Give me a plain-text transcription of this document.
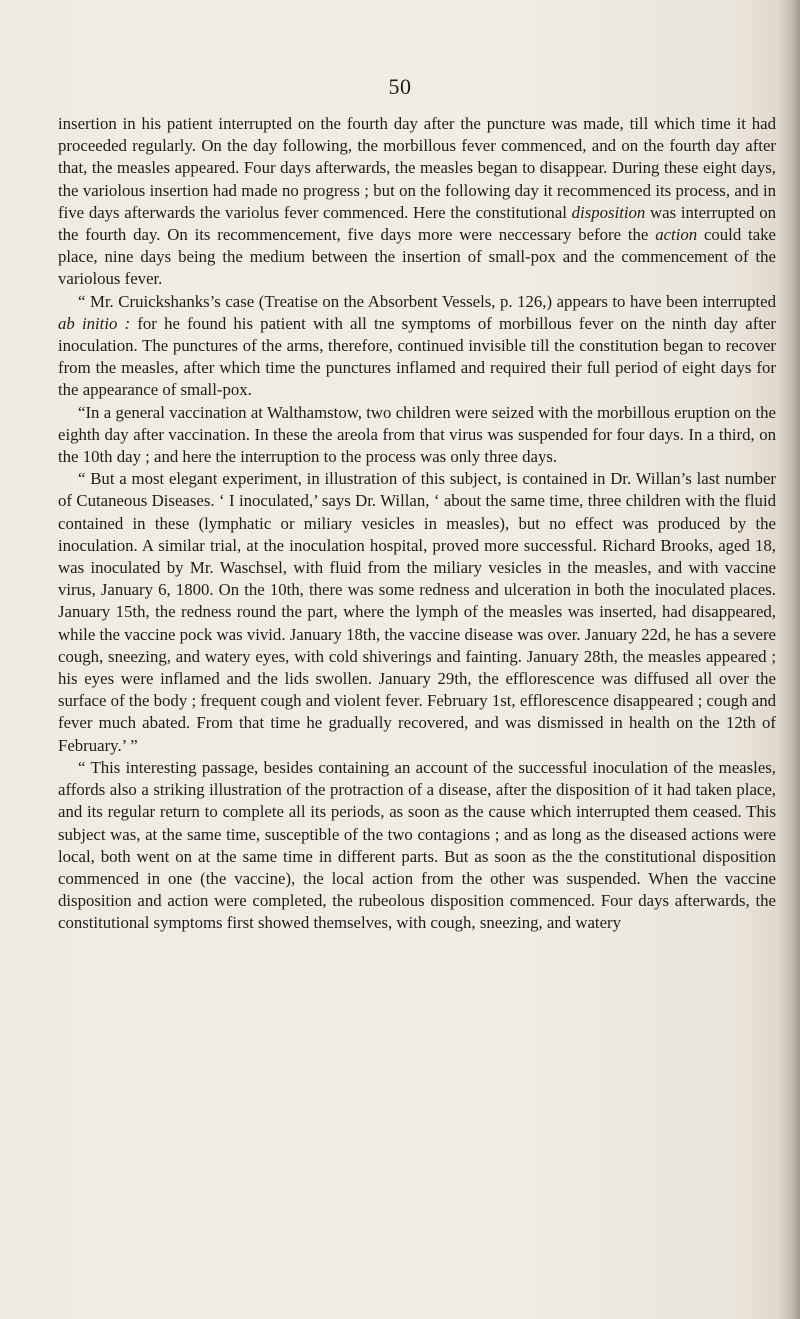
50

insertion in his patient interrupted on the fourth day after the puncture was made, till which time it had proceeded regularly. On the day following, the morbillous fever commenced, and on the fourth day after that, the measles appeared. Four days afterwards, the measles began to disappear. During these eight days, the variolous insertion had made no progress ; but on the following day it recommenced its process, and in five days afterwards the variolus fever commenced. Here the constitutional disposition was interrupted on the fourth day. On its recommencement, five days more were neccessary before the action could take place, nine days being the medium between the insertion of small-pox and the commencement of the variolous fever.

“ Mr. Cruickshanks’s case (Treatise on the Absorbent Vessels, p. 126,) appears to have been interrupted ab initio : for he found his patient with all tne symptoms of morbillous fever on the ninth day after inoculation. The punctures of the arms, therefore, continued invisible till the constitution began to recover from the measles, after which time the punctures inflamed and required their full period of eight days for the appearance of small-pox.

“In a general vaccination at Walthamstow, two children were seized with the morbillous eruption on the eighth day after vaccination. In these the areola from that virus was suspended for four days. In a third, on the 10th day ; and here the interruption to the process was only three days.

“ But a most elegant experiment, in illustration of this subject, is contained in Dr. Willan’s last number of Cutaneous Diseases. ‘ I inoculated,’ says Dr. Willan, ‘ about the same time, three children with the fluid contained in these (lymphatic or miliary vesicles in measles), but no effect was produced by the inoculation. A similar trial, at the inoculation hospital, proved more successful. Richard Brooks, aged 18, was inoculated by Mr. Waschsel, with fluid from the miliary vesicles in the measles, and with vaccine virus, January 6, 1800. On the 10th, there was some redness and ulceration in both the inoculated places. January 15th, the redness round the part, where the lymph of the measles was inserted, had disappeared, while the vaccine pock was vivid. January 18th, the vaccine disease was over. January 22d, he has a severe cough, sneezing, and watery eyes, with cold shiverings and fainting. January 28th, the measles appeared ; his eyes were inflamed and the lids swollen. January 29th, the efflorescence was diffused all over the surface of the body ; frequent cough and violent fever. February 1st, efflorescence disappeared ; cough and fever much abated. From that time he gradually recovered, and was dismissed in health on the 12th of February.’ ”

“ This interesting passage, besides containing an account of the successful inoculation of the measles, affords also a striking illustration of the protraction of a disease, after the disposition of it had taken place, and its regular return to complete all its periods, as soon as the cause which interrupted them ceased. This subject was, at the same time, susceptible of the two contagions ; and as long as the diseased actions were local, both went on at the same time in different parts. But as soon as the the constitutional disposition commenced in one (the vaccine), the local action from the other was suspended. When the vaccine disposition and action were completed, the rubeolous disposition commenced. Four days afterwards, the constitutional symptoms first showed themselves, with cough, sneezing, and watery
